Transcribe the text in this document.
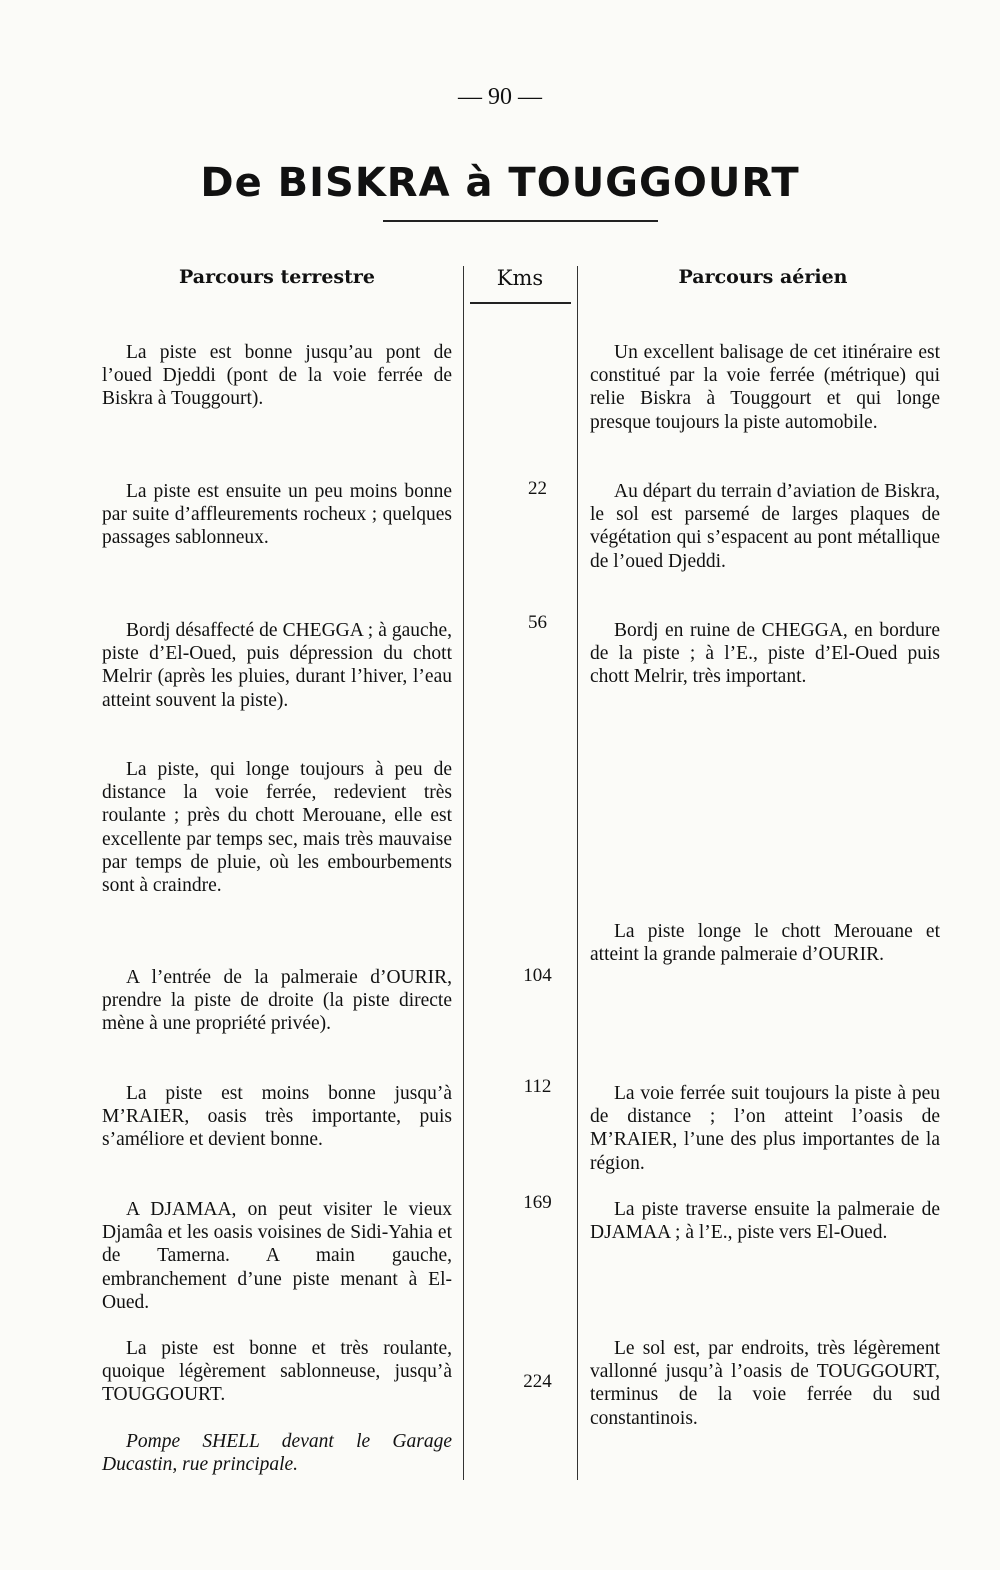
— 90 —
De BISKRA à TOUGGOURT
Parcours terrestre	Kms	Parcours aérien

La piste est bonne jusqu’au pont de l’oued Djeddi (pont de la voie ferrée de Biskra à Touggourt).

La piste est ensuite un peu moins bonne par suite d’affleurements rocheux ; quelques passages sablonneux.

Bordj désaffecté de CHEGGA ; à gauche, piste d’El-Oued, puis dépression du chott Melrir (après les pluies, durant l’hiver, l’eau atteint souvent la piste).

La piste, qui longe toujours à peu de distance la voie ferrée, redevient très roulante ; près du chott Merouane, elle est excellente par temps sec, mais très mauvaise par temps de pluie, où les embourbements sont à craindre.

A l’entrée de la palmeraie d’OURIR, prendre la piste de droite (la piste directe mène à une propriété privée).

La piste est moins bonne jusqu’à M’RAIER, oasis très importante, puis s’améliore et devient bonne.

A DJAMAA, on peut visiter le vieux Djamâa et les oasis voisines de Sidi-Yahia et de Tamerna. A main gauche, embranchement d’une piste menant à El-Oued.

La piste est bonne et très roulante, quoique légèrement sablonneuse, jusqu’à TOUGGOURT.

Pompe SHELL devant le Garage Ducastin, rue principale.

22
56
104
112
169
224

Un excellent balisage de cet itinéraire est constitué par la voie ferrée (métrique) qui relie Biskra à Touggourt et qui longe presque toujours la piste automobile.

Au départ du terrain d’aviation de Biskra, le sol est parsemé de larges plaques de végétation qui s’espacent au pont métallique de l’oued Djeddi.

Bordj en ruine de CHEGGA, en bordure de la piste ; à l’E., piste d’El-Oued puis chott Melrir, très important.

La piste longe le chott Merouane et atteint la grande palmeraie d’OURIR.

La voie ferrée suit toujours la piste à peu de distance ; l’on atteint l’oasis de M’RAIER, l’une des plus importantes de la région.

La piste traverse ensuite la palmeraie de DJAMAA ; à l’E., piste vers El-Oued.

Le sol est, par endroits, très légèrement vallonné jusqu’à l’oasis de TOUGGOURT, terminus de la voie ferrée du sud constantinois.
